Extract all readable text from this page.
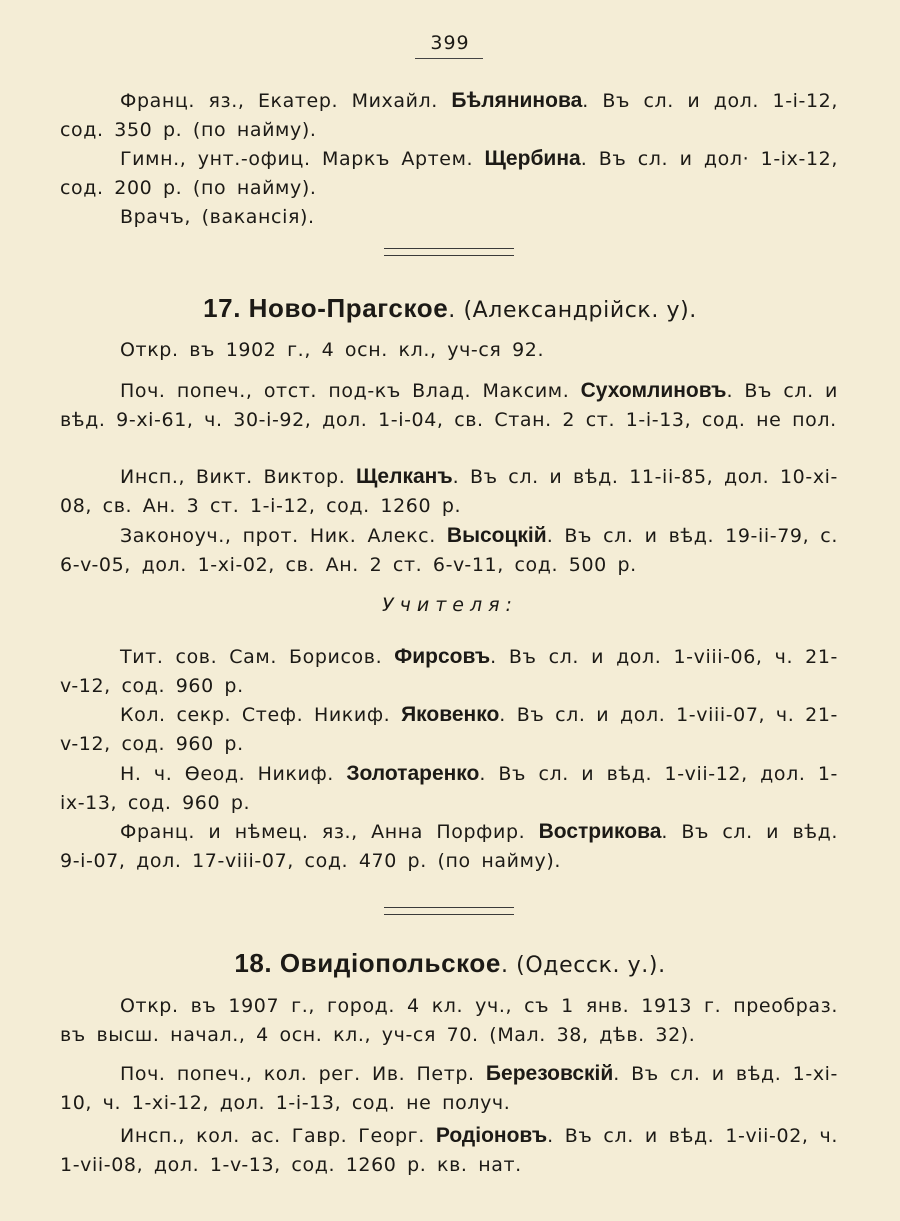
399
Франц. яз., Екатер. Михайл. Бѣлянинова. Въ сл. и дол. 1-i-12, сод. 350 р. (по найму).
Гимн., унт.-офиц. Маркъ Артем. Щербина. Въ сл. и дол· 1-ix-12, сод. 200 р. (по найму).
Врачъ, (вакансія).
17. Ново-Прагское. (Александрійск. у).
Откр. въ 1902 г., 4 осн. кл., уч-ся 92.
Поч. попеч., отст. под-къ Влад. Максим. Сухомлиновъ. Въ сл. и вѣд. 9-xi-61, ч. 30-i-92, дол. 1-i-04, св. Стан. 2 ст. 1-i-13, сод. не пол.
Инсп., Викт. Виктор. Щелканъ. Въ сл. и вѣд. 11-ii-85, дол. 10-xi-08, св. Ан. 3 ст. 1-i-12, сод. 1260 р.
Законоуч., прот. Ник. Алекс. Высоцкій. Въ сл. и вѣд. 19-ii-79, с. 6-v-05, дол. 1-xi-02, св. Ан. 2 ст. 6-v-11, сод. 500 р.
Учителя:
Тит. сов. Сам. Борисов. Фирсовъ. Въ сл. и дол. 1-viii-06, ч. 21-v-12, сод. 960 р.
Кол. секр. Стеф. Никиф. Яковенко. Въ сл. и дол. 1-viii-07, ч. 21-v-12, сод. 960 р.
Н. ч. Ѳеод. Никиф. Золотаренко. Въ сл. и вѣд. 1-vii-12, дол. 1-ix-13, сод. 960 р.
Франц. и нѣмец. яз., Анна Порфир. Вострикова. Въ сл. и вѣд. 9-i-07, дол. 17-viii-07, сод. 470 р. (по найму).
18. Овидіопольское. (Одесск. у.).
Откр. въ 1907 г., город. 4 кл. уч., съ 1 янв. 1913 г. преобраз. въ высш. начал., 4 осн. кл., уч-ся 70. (Мал. 38, дѣв. 32).
Поч. попеч., кол. рег. Ив. Петр. Березовскій. Въ сл. и вѣд. 1-xi-10, ч. 1-xi-12, дол. 1-i-13, сод. не получ.
Инсп., кол. ас. Гавр. Георг. Родіоновъ. Въ сл. и вѣд. 1-vii-02, ч. 1-vii-08, дол. 1-v-13, сод. 1260 р. кв. нат.
